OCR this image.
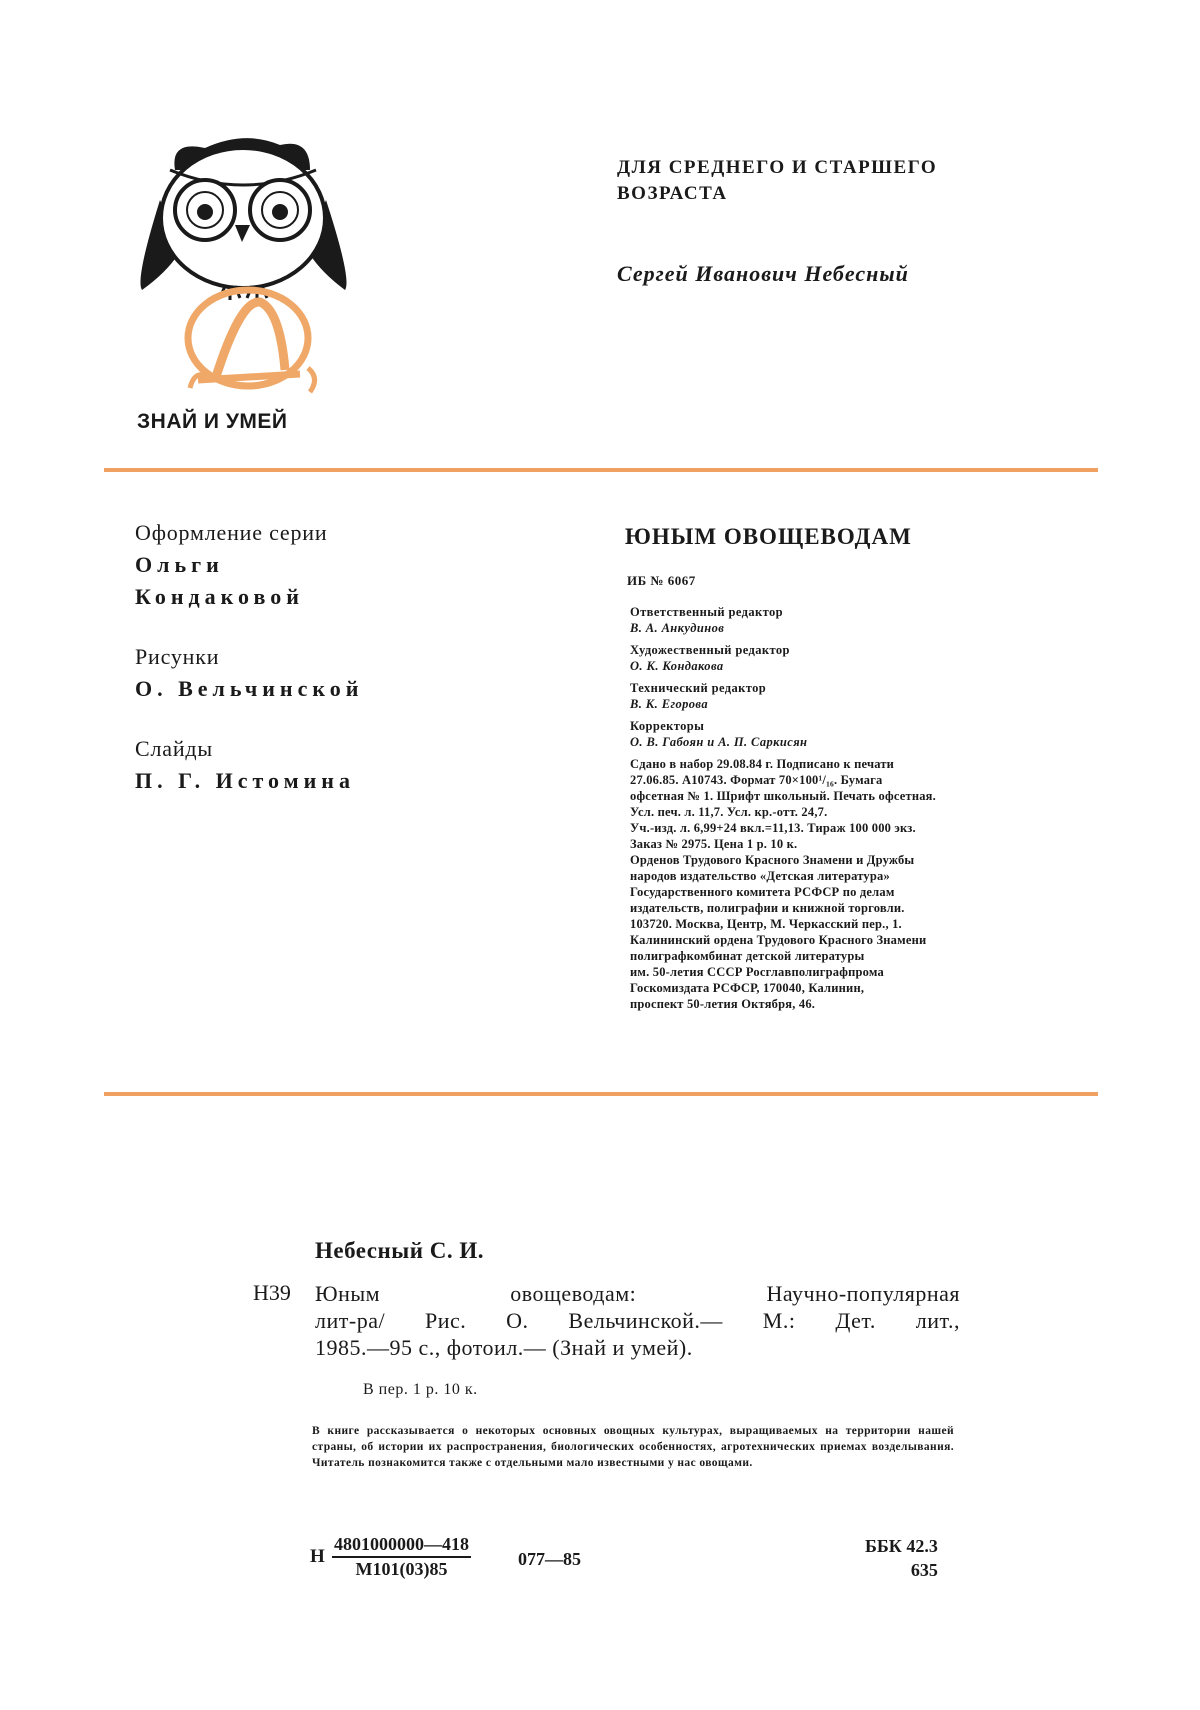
ЗНАЙ И УМЕЙ
ДЛЯ СРЕДНЕГО И СТАРШЕГО
ВОЗРАСТА
Сергей Иванович Небесный
Оформление серии
Ольги
Кондаковой
Рисунки
О. Вельчинской
Слайды
П. Г. Истомина
ЮНЫМ ОВОЩЕВОДАМ
ИБ № 6067
Ответственный редактор
В. А. Анкудинов
Художественный редактор
О. К. Кондакова
Технический редактор
В. К. Егорова
Корректоры
О. В. Габоян и А. П. Саркисян
Сдано в набор 29.08.84 г. Подписано к печати
27.06.85. А10743. Формат 70×100¹/₁₆. Бумага
офсетная № 1. Шрифт школьный. Печать офсетная.
Усл. печ. л. 11,7. Усл. кр.-отт. 24,7.
Уч.-изд. л. 6,99+24 вкл.=11,13. Тираж 100 000 экз.
Заказ № 2975. Цена 1 р. 10 к.
Орденов Трудового Красного Знамени и Дружбы
народов издательство «Детская литература»
Государственного комитета РСФСР по делам
издательств, полиграфии и книжной торговли.
103720. Москва, Центр, М. Черкасский пер., 1.
Калининский ордена Трудового Красного Знамени
полиграфкомбинат детской литературы
им. 50-летия СССР Росглавполиграфпрома
Госкомиздата РСФСР, 170040, Калинин,
проспект 50-летия Октября, 46.
Небесный С. И.
Н39 Юным овощеводам: Научно-популярная
лит-ра/ Рис. О. Вельчинской.— М.: Дет. лит.,
1985.—95 с., фотоил.— (Знай и умей).
В пер. 1 р. 10 к.
В книге рассказывается о некоторых основных овощных культурах, выращиваемых на территории нашей страны, об истории их распространения, биологических особенностях, агротехнических приемах возделывания. Читатель познакомится также с отдельными мало известными у нас овощами.
Н
4801000000—418
М101(03)85	077—85
ББК 42.3
635
